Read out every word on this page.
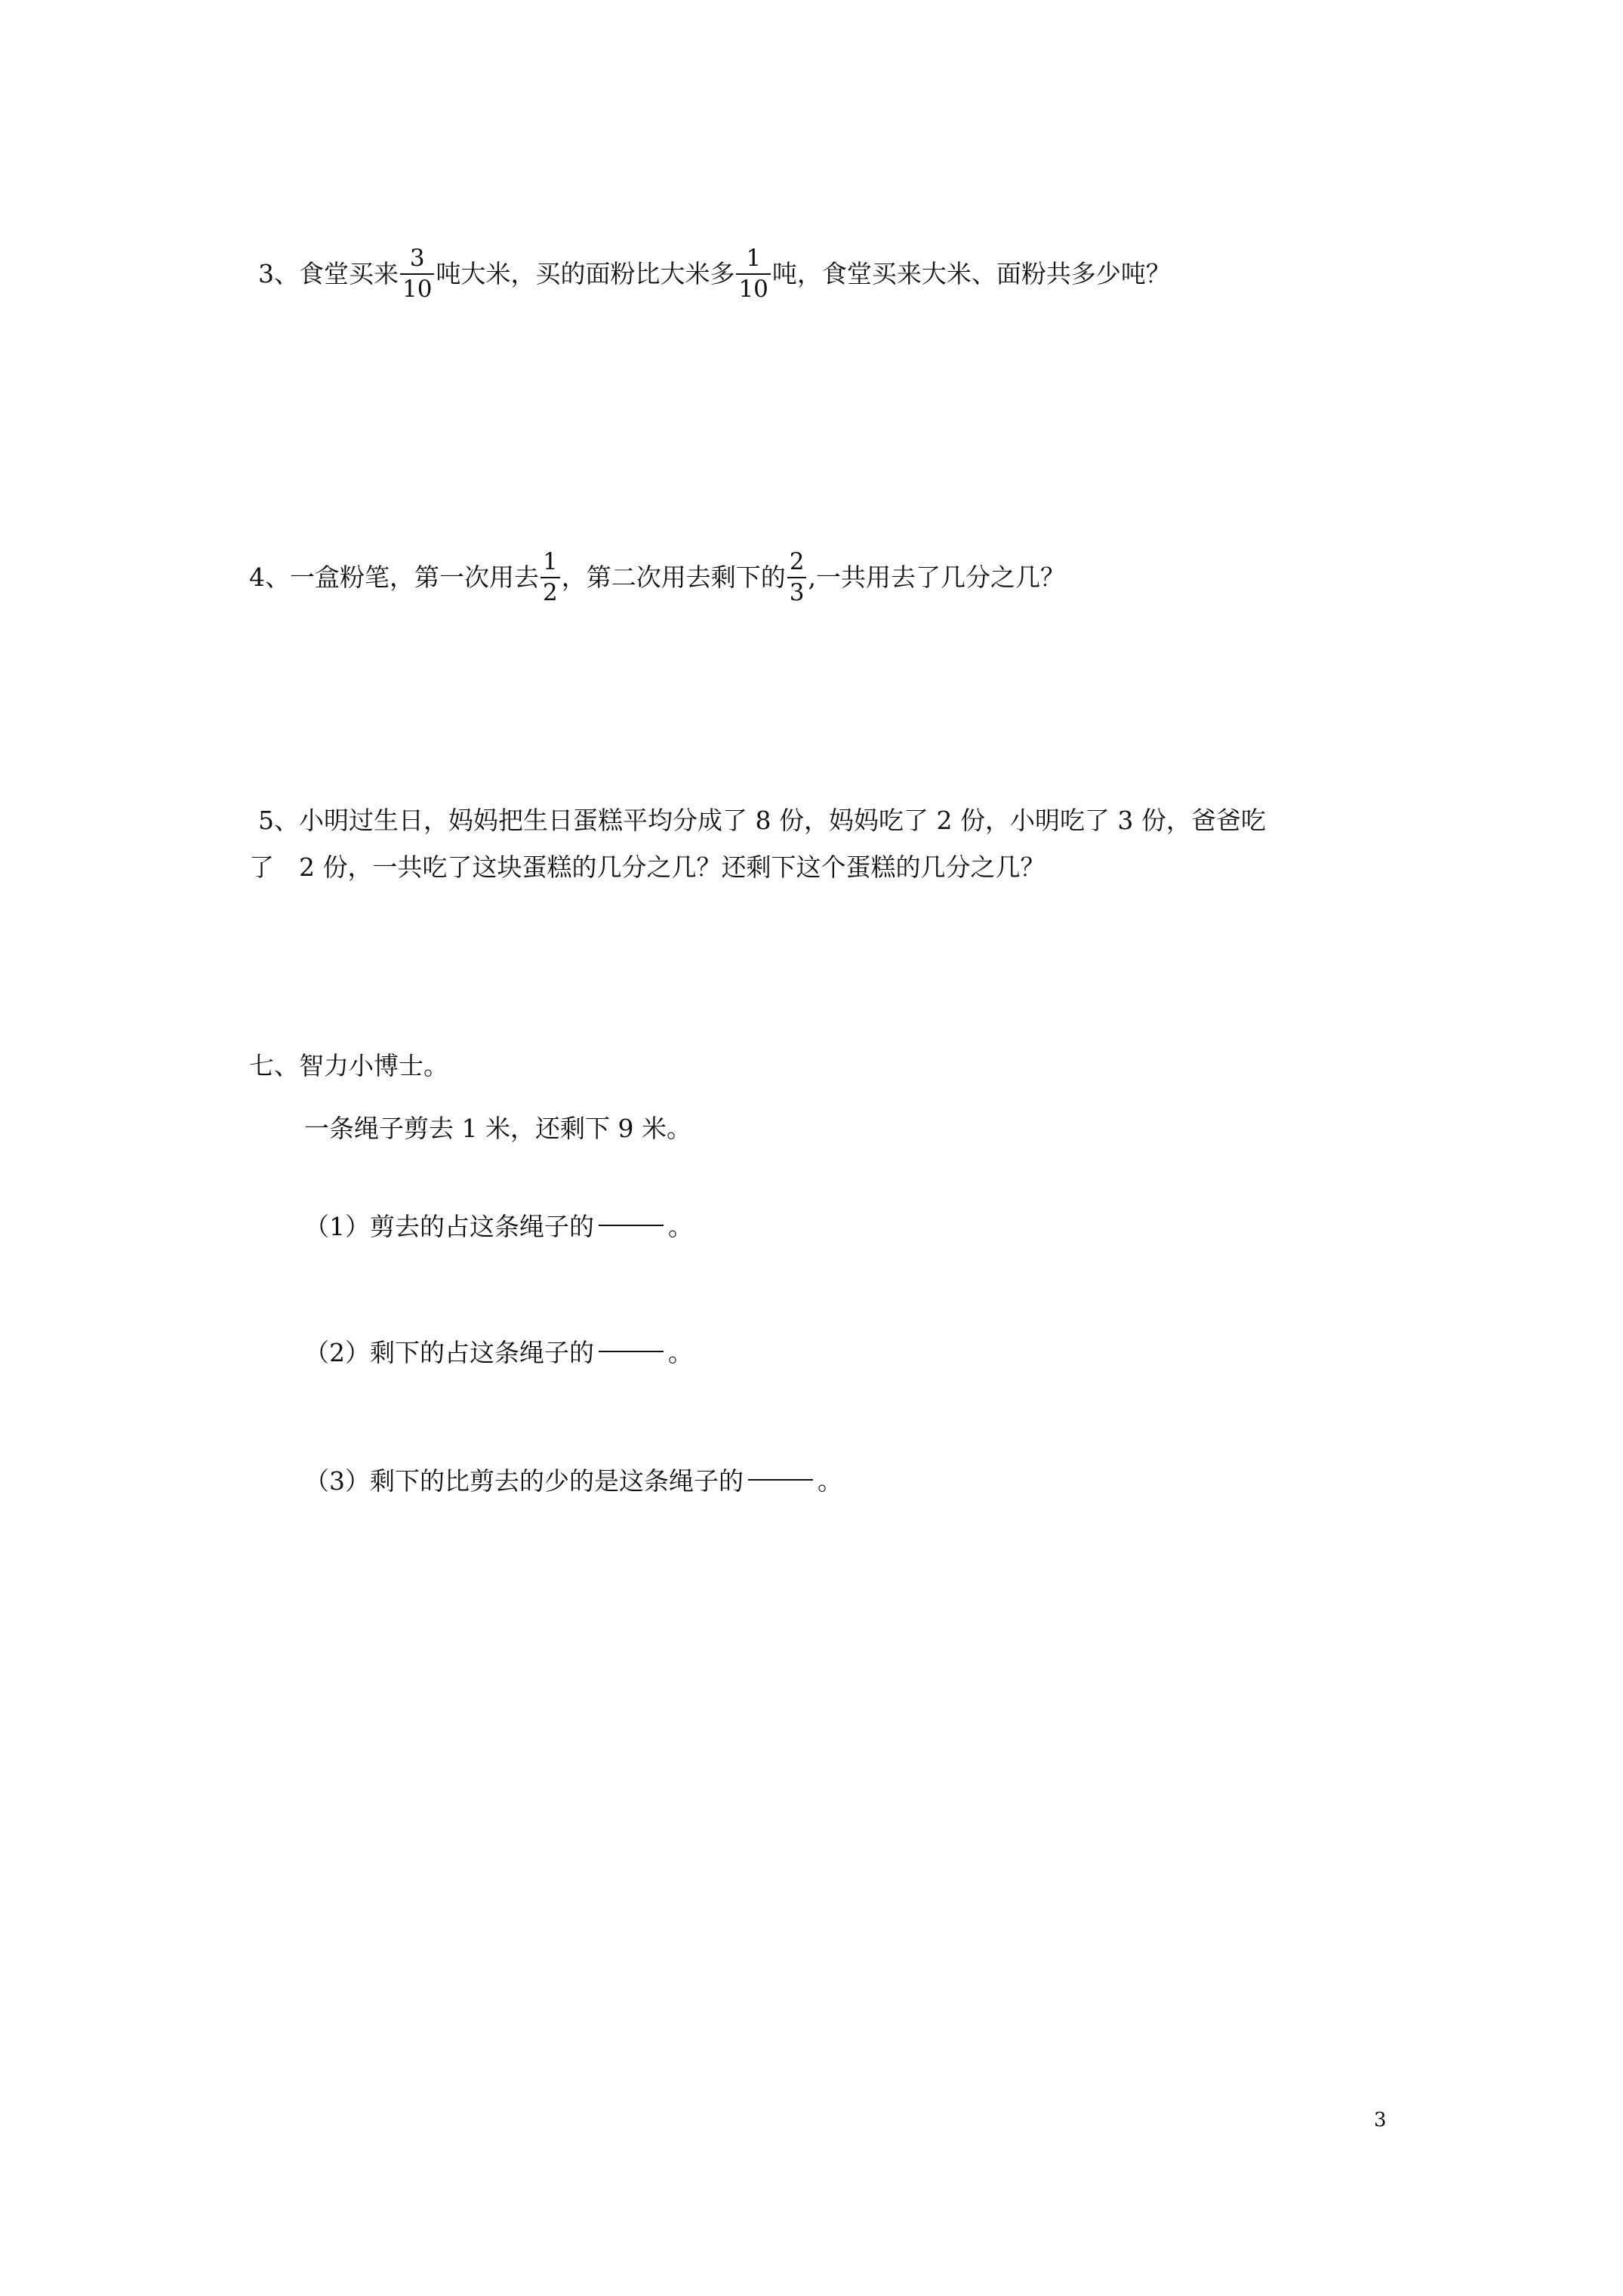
3、食堂买来 $\frac{3}{10}$ 吨大米，买的面粉比大米多 $\frac{1}{10}$ 吨，食堂买来大米、面粉共多少吨？
4、一盒粉笔，第一次用去 $\frac{1}{2}$ ，第二次用去剩下的 $\frac{2}{3}$ ,一共用去了几分之几？
5、小明过生日，妈妈把生日蛋糕平均分成了 8 份，妈妈吃了 2 份，小明吃了 3 份，爸爸吃
了　2 份，一共吃了这块蛋糕的几分之几？还剩下这个蛋糕的几分之几？
七、智力小博士。
一条绳子剪去 1 米，还剩下 9 米。
（1）剪去的占这条绳子的	。
（2）剩下的占这条绳子的	。
（3）剩下的比剪去的少的是这条绳子的	。
3
